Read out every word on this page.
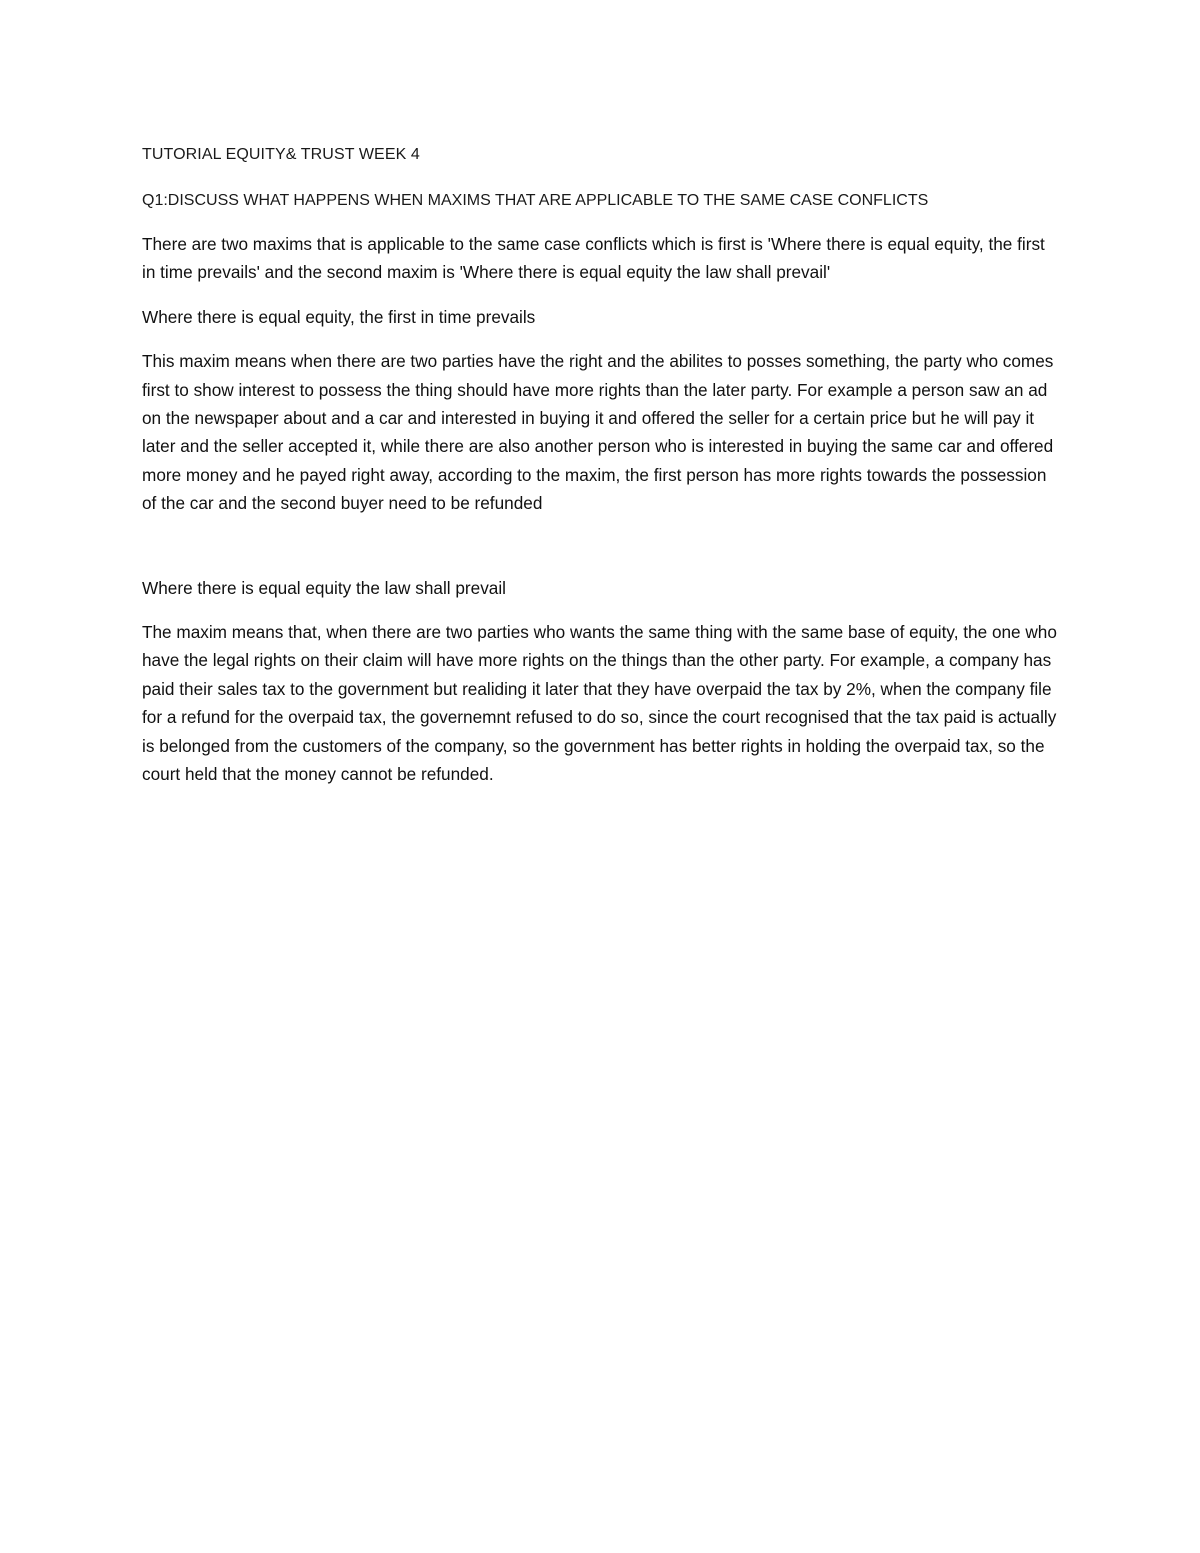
TUTORIAL EQUITY& TRUST WEEK 4

Q1:DISCUSS WHAT HAPPENS WHEN MAXIMS THAT ARE APPLICABLE TO THE SAME CASE CONFLICTS

There are two maxims that is applicable to the same case conflicts which is first is 'Where there is equal equity, the first in time prevails' and the second maxim is 'Where there is equal equity the law shall prevail'

Where there is equal equity, the first in time prevails

This maxim means when there are two parties have the right and the abilites to posses something, the party who comes first to show interest to possess the thing should have more rights than the later party. For example a person saw an ad on the newspaper about and a car and interested in buying it and offered the seller for a certain price but he will pay it later and the seller accepted it, while there are also another person who is interested in buying the same car and offered more money and he payed right away, according to the maxim, the first person has more rights towards the possession of the car and the second buyer need to be refunded

Where there is equal equity the law shall prevail

The maxim means that, when there are two parties who wants the same thing with the same base of equity, the one who have the legal rights on their claim will have more rights on the things than the other party. For example, a company has paid their sales tax to the government but realiding it later that they have overpaid the tax by 2%, when the company file for a refund for the overpaid tax, the governemnt refused to do so, since the court recognised that the tax paid is actually is belonged from the customers of the company, so the government has better rights in holding the overpaid tax, so the court held that the money cannot be refunded.
